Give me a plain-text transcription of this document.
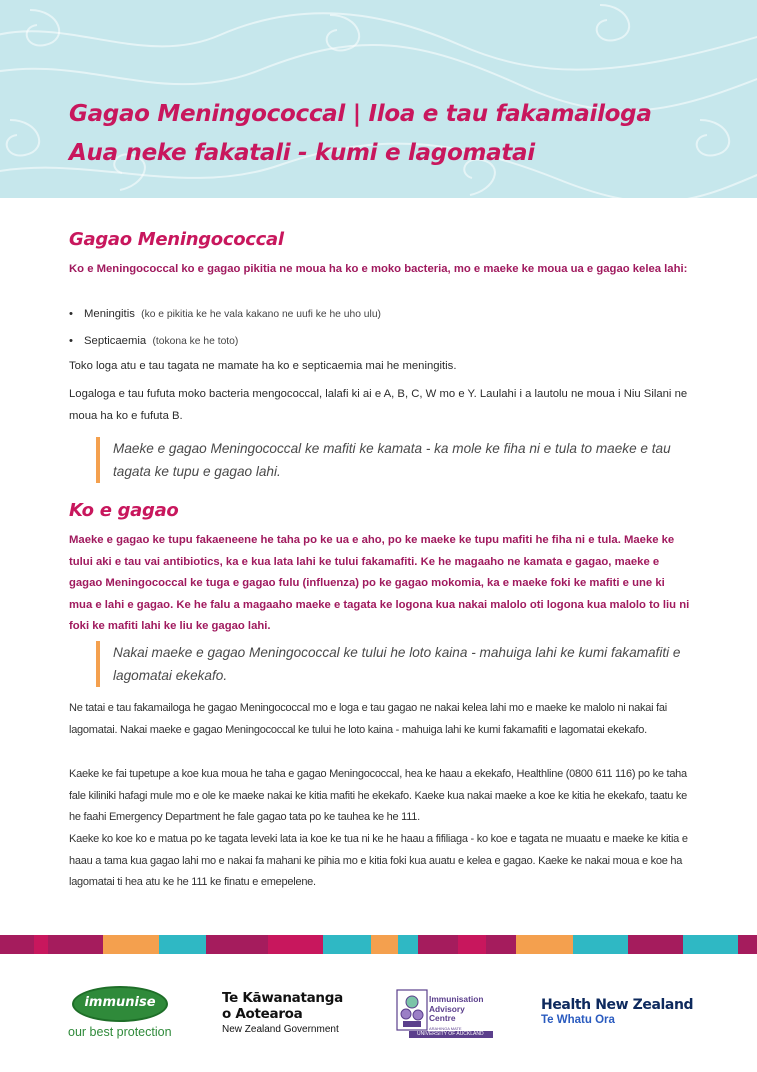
Gagao Meningococcal | Iloa e tau fakamailoga
Aua neke fakatali - kumi e lagomatai
Gagao Meningococcal

Ko e Meningococcal ko e gagao pikitia ne moua ha ko e moko bacteria, mo e maeke ke moua ua e gagao kelea lahi:

• Meningitis (ko e pikitia ke he vala kakano ne uufi ke he uho ulu)

• Septicaemia (tokona ke he toto)

Toko loga atu e tau tagata ne mamate ha ko e septicaemia mai he meningitis.

Logaloga e tau fufuta moko bacteria mengococcal, lalafi ki ai e A, B, C, W mo e Y. Laulahi i a lautolu ne moua i Niu Silani ne moua ha ko e fufuta B.

Maeke e gagao Meningococcal ke mafiti ke kamata - ka mole ke fiha ni e tula to maeke e tau tagata ke tupu e gagao lahi.

Ko e gagao

Maeke e gagao ke tupu fakaeneene he taha po ke ua e aho, po ke maeke ke tupu mafiti he fiha ni e tula. Maeke ke tului aki e tau vai antibiotics, ka e kua lata lahi ke tului fakamafiti. Ke he magaaho ne kamata e gagao, maeke e gagao Meningococcal ke tuga e gagao fulu (influenza) po ke gagao mokomia, ka e maeke foki ke mafiti e une ki mua e lahi e gagao. Ke he falu a magaaho maeke e tagata ke logona kua nakai malolo oti logona kua malolo to liu ni foki ke mafiti lahi ke liu ke gagao lahi.

Nakai maeke e gagao Meningococcal ke tului he loto kaina - mahuiga lahi ke kumi fakamafiti e lagomatai ekekafo.

Ne tatai e tau fakamailoga he gagao Meningococcal mo e loga e tau gagao ne nakai kelea lahi mo e maeke ke malolo ni nakai fai lagomatai. Nakai maeke e gagao Meningococcal ke tului he loto kaina - mahuiga lahi ke kumi fakamafiti e lagomatai ekekafo.

Kaeke ke fai tupetupe a koe kua moua he taha e gagao Meningococcal, hea ke haau a ekekafo, Healthline (0800 611 116) po ke taha fale kiliniki hafagi mule mo e ole ke maeke nakai ke kitia mafiti he ekekafo. Kaeke kua nakai maeke a koe ke kitia he ekekafo, taatu ke he faahi Emergency Department he fale gagao tata po ke tauhea ke he 111.

Kaeke ko koe ko e matua po ke tagata leveki lata ia koe ke tua ni ke he haau a fifiliaga - ko koe e tagata ne muaatu e maeke ke kitia e haau a tama kua gagao lahi mo e nakai fa mahani ke pihia mo e kitia foki kua auatu e kelea e gagao. Kaeke ke nakai moua e koe ha lagomatai ti hea atu ke he 111 ke finatu e emepelene.

immunise
our best protection
Te Kāwanatanga
o Aotearoa
New Zealand Government
Immunisation
Advisory
Centre
ARAHINGA MATE
UNIVERSITY OF AUCKLAND
Health New Zealand
Te Whatu Ora
